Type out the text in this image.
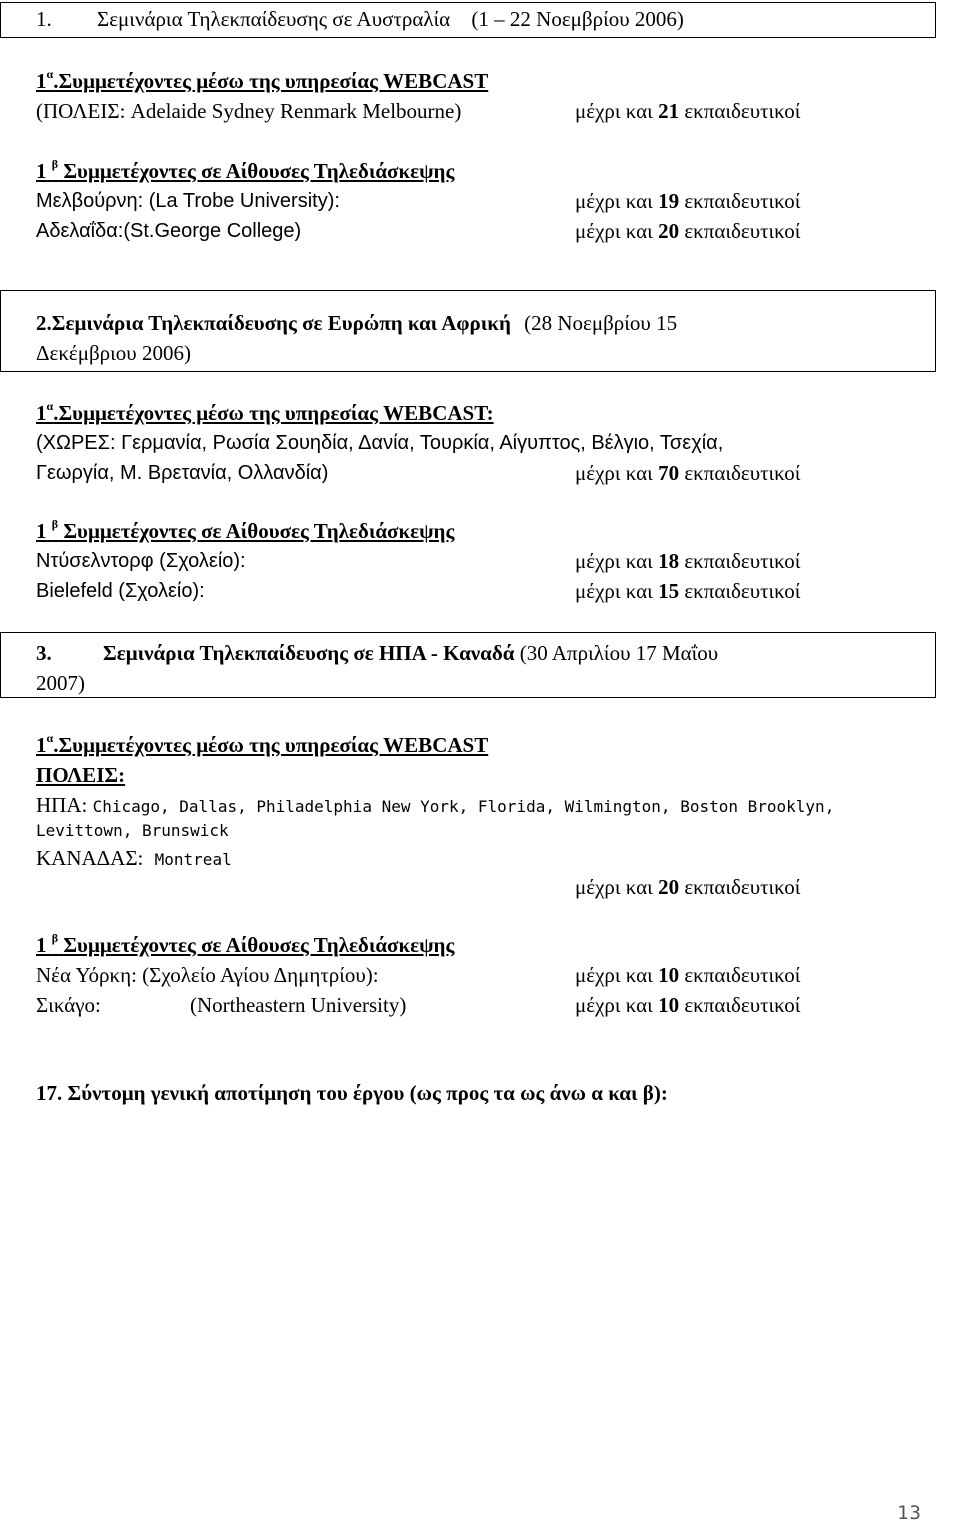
1. Σεμινάρια Τηλεκπαίδευσης σε Αυστραλία (1 – 22 Νοεμβρίου 2006)
$1^\alpha.\Sigma\upsilon\mu\mu\varepsilon\tau έ\chi o\nu\tau\varepsilon\varsigma$ μέσω της υπηρεσίας WEBCAST
(ΠΟΛΕΙΣ: Adelaide Sydney Renmark Melbourne)	μέχρι και 21 εκπαιδευτικοί
1 $^\beta$ Συμμετέχοντες σε Αίθουσες Τηλεδιάσκεψης
Μελβούρνη: (La Trobe University):	μέχρι και 19 εκπαιδευτικοί
Αδελαΐδα:(St.George College)	μέχρι και 20 εκπαιδευτικοί
2.Σεμινάρια Τηλεκπαίδευσης σε Ευρώπη και Αφρική (28 Νοεμβρίου 15
Δεκέμβριου 2006)
$1^\alpha.\Sigma\upsilon\mu\mu\varepsilon\tau έ\chi o\nu\tau\varepsilon\varsigma$ μέσω της υπηρεσίας WEBCAST:
(ΧΩΡΕΣ: Γερμανία, Ρωσία Σουηδία, Δανία, Τουρκία, Αίγυπτος, Βέλγιο, Τσεχία,
Γεωργία, Μ. Βρετανία, Ολλανδία)	μέχρι και 70 εκπαιδευτικοί
1 $^\beta$ Συμμετέχοντες σε Αίθουσες Τηλεδιάσκεψης
Ντύσελντορφ (Σχολείο):	μέχρι και 18 εκπαιδευτικοί
Bielefeld (Σχολείο):	μέχρι και 15 εκπαιδευτικοί
3. Σεμινάρια Τηλεκπαίδευσης σε ΗΠΑ - Καναδά (30 Απριλίου 17 Μαΐου
2007)
$1^\alpha.\Sigma\upsilon\mu\mu\varepsilon\tau έ\chi o\nu\tau\varepsilon\varsigma$ μέσω της υπηρεσίας WEBCAST
ΠΟΛΕΙΣ:
ΗΠΑ: Chicago, Dallas, Philadelphia New York, Florida, Wilmington, Boston Brooklyn,
Levittown, Brunswick
ΚΑΝΑΔΑΣ: Montreal
μέχρι και 20 εκπαιδευτικοί
1 $^\beta$ Συμμετέχοντες σε Αίθουσες Τηλεδιάσκεψης
Νέα Υόρκη: (Σχολείο Αγίου Δημητρίου):	μέχρι και 10 εκπαιδευτικοί
Σικάγο:	(Northeastern University)	μέχρι και 10 εκπαιδευτικοί
17. Σύντομη γενική αποτίμηση του έργου (ως προς τα ως άνω α και β):
13
